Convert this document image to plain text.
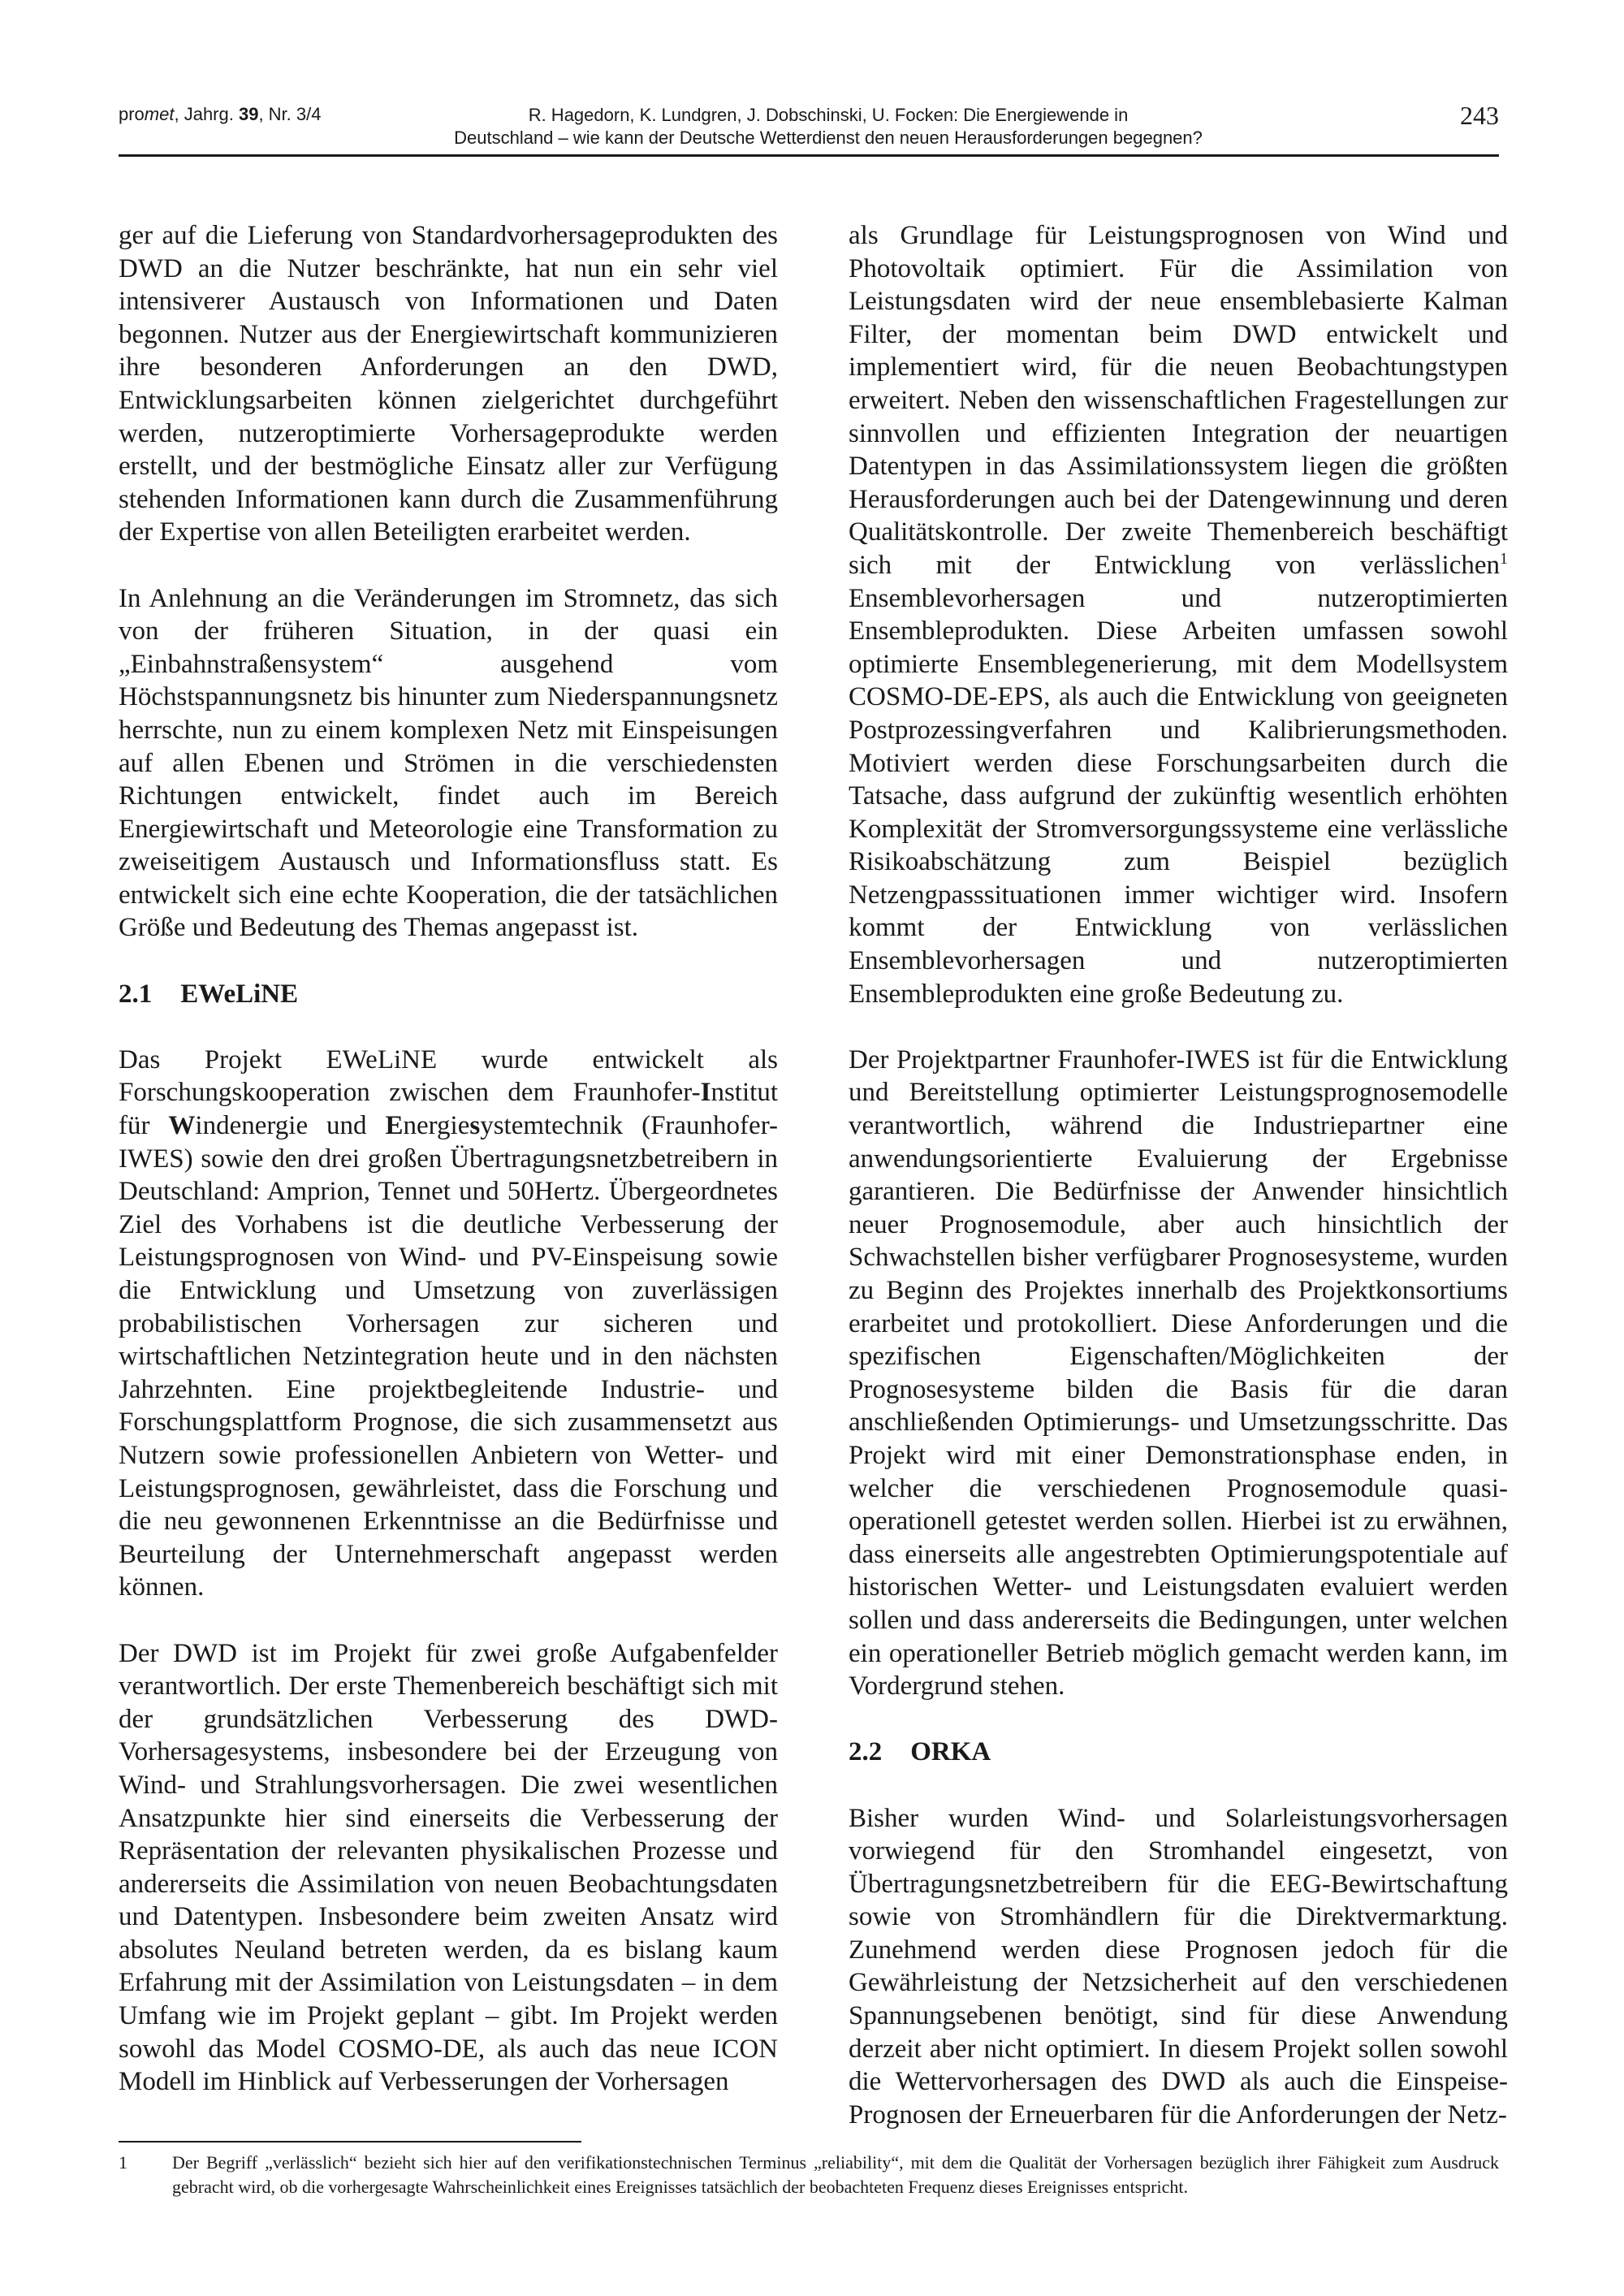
promet, Jahrg. 39, Nr. 3/4	R. Hagedorn, K. Lundgren, J. Dobschinski, U. Focken: Die Energiewende in
Deutschland – wie kann der Deutsche Wetterdienst den neuen Herausforderungen begegnen?
243

ger auf die Lieferung von Standardvorhersageprodukten des DWD an die Nutzer beschränkte, hat nun ein sehr viel intensiverer Austausch von Informationen und Daten begonnen. Nutzer aus der Energiewirtschaft kommunizieren ihre besonderen Anforderungen an den DWD, Entwicklungsarbeiten können zielgerichtet durchgeführt werden, nutzeroptimierte Vorhersageprodukte werden erstellt, und der bestmögliche Einsatz aller zur Verfügung stehenden Informationen kann durch die Zusammenführung der Expertise von allen Beteiligten erarbeitet werden.

In Anlehnung an die Veränderungen im Stromnetz, das sich von der früheren Situation, in der quasi ein „Einbahnstraßensystem“ ausgehend vom Höchstspannungsnetz bis hinunter zum Niederspannungsnetz herrschte, nun zu einem komplexen Netz mit Einspeisungen auf allen Ebenen und Strömen in die verschiedensten Richtungen entwickelt, findet auch im Bereich Energiewirtschaft und Meteorologie eine Transformation zu zweiseitigem Austausch und Informationsfluss statt. Es entwickelt sich eine echte Kooperation, die der tatsächlichen Größe und Bedeutung des Themas angepasst ist.

2.1 EWeLiNE

Das Projekt EWeLiNE wurde entwickelt als Forschungskooperation zwischen dem Fraunhofer-Institut für Windenergie und Energiesystemtechnik (Fraunhofer-IWES) sowie den drei großen Übertragungsnetzbetreibern in Deutschland: Amprion, Tennet und 50Hertz. Übergeordnetes Ziel des Vorhabens ist die deutliche Verbesserung der Leistungsprognosen von Wind- und PV-Einspeisung sowie die Entwicklung und Umsetzung von zuverlässigen probabilistischen Vorhersagen zur sicheren und wirtschaftlichen Netzintegration heute und in den nächsten Jahrzehnten. Eine projektbegleitende Industrie- und Forschungsplattform Prognose, die sich zusammensetzt aus Nutzern sowie professionellen Anbietern von Wetter- und Leistungsprognosen, gewährleistet, dass die Forschung und die neu gewonnenen Erkenntnisse an die Bedürfnisse und Beurteilung der Unternehmerschaft angepasst werden können.

Der DWD ist im Projekt für zwei große Aufgabenfelder verantwortlich. Der erste Themenbereich beschäftigt sich mit der grundsätzlichen Verbesserung des DWD-Vorhersagesystems, insbesondere bei der Erzeugung von Wind- und Strahlungsvorhersagen. Die zwei wesentlichen Ansatzpunkte hier sind einerseits die Verbesserung der Repräsentation der relevanten physikalischen Prozesse und andererseits die Assimilation von neuen Beobachtungsdaten und Datentypen. Insbesondere beim zweiten Ansatz wird absolutes Neuland betreten werden, da es bislang kaum Erfahrung mit der Assimilation von Leistungsdaten – in dem Umfang wie im Projekt geplant – gibt. Im Projekt werden sowohl das Model COSMO-DE, als auch das neue ICON Modell im Hinblick auf Verbesserungen der Vorhersagen

als Grundlage für Leistungsprognosen von Wind und Photovoltaik optimiert. Für die Assimilation von Leistungsdaten wird der neue ensemblebasierte Kalman Filter, der momentan beim DWD entwickelt und implementiert wird, für die neuen Beobachtungstypen erweitert. Neben den wissenschaftlichen Fragestellungen zur sinnvollen und effizienten Integration der neuartigen Datentypen in das Assimilationssystem liegen die größten Herausforderungen auch bei der Datengewinnung und deren Qualitätskontrolle. Der zweite Themenbereich beschäftigt sich mit der Entwicklung von verlässlichen$^1$ Ensemblevorhersagen und nutzeroptimierten Ensembleprodukten. Diese Arbeiten umfassen sowohl optimierte Ensemblegenerierung, mit dem Modellsystem COSMO-DE-EPS, als auch die Entwicklung von geeigneten Postprozessingverfahren und Kalibrierungsmethoden. Motiviert werden diese Forschungsarbeiten durch die Tatsache, dass aufgrund der zukünftig wesentlich erhöhten Komplexität der Stromversorgungssysteme eine verlässliche Risikoabschätzung zum Beispiel bezüglich Netzengpasssituationen immer wichtiger wird. Insofern kommt der Entwicklung von verlässlichen Ensemblevorhersagen und nutzeroptimierten Ensembleprodukten eine große Bedeutung zu.

Der Projektpartner Fraunhofer-IWES ist für die Entwicklung und Bereitstellung optimierter Leistungsprognosemodelle verantwortlich, während die Industriepartner eine anwendungsorientierte Evaluierung der Ergebnisse garantieren. Die Bedürfnisse der Anwender hinsichtlich neuer Prognosemodule, aber auch hinsichtlich der Schwachstellen bisher verfügbarer Prognosesysteme, wurden zu Beginn des Projektes innerhalb des Projektkonsortiums erarbeitet und protokolliert. Diese Anforderungen und die spezifischen Eigenschaften/Möglichkeiten der Prognosesysteme bilden die Basis für die daran anschließenden Optimierungs- und Umsetzungsschritte. Das Projekt wird mit einer Demonstrationsphase enden, in welcher die verschiedenen Prognosemodule quasi-operationell getestet werden sollen. Hierbei ist zu erwähnen, dass einerseits alle angestrebten Optimierungspotentiale auf historischen Wetter- und Leistungsdaten evaluiert werden sollen und dass andererseits die Bedingungen, unter welchen ein operationeller Betrieb möglich gemacht werden kann, im Vordergrund stehen.

2.2 ORKA

Bisher wurden Wind- und Solarleistungsvorhersagen vorwiegend für den Stromhandel eingesetzt, von Übertragungsnetzbetreibern für die EEG-Bewirtschaftung sowie von Stromhändlern für die Direktvermarktung. Zunehmend werden diese Prognosen jedoch für die Gewährleistung der Netzsicherheit auf den verschiedenen Spannungsebenen benötigt, sind für diese Anwendung derzeit aber nicht optimiert. In diesem Projekt sollen sowohl die Wettervorhersagen des DWD als auch die Einspeise-Prognosen der Erneuerbaren für die Anforderungen der Netz-

1	Der Begriff „verlässlich“ bezieht sich hier auf den verifikationstechnischen Terminus „reliability“, mit dem die Qualität der Vorhersagen bezüglich ihrer Fähigkeit zum Ausdruck gebracht wird, ob die vorhergesagte Wahrscheinlichkeit eines Ereignisses tatsächlich der beobachteten Frequenz dieses Ereignisses entspricht.
